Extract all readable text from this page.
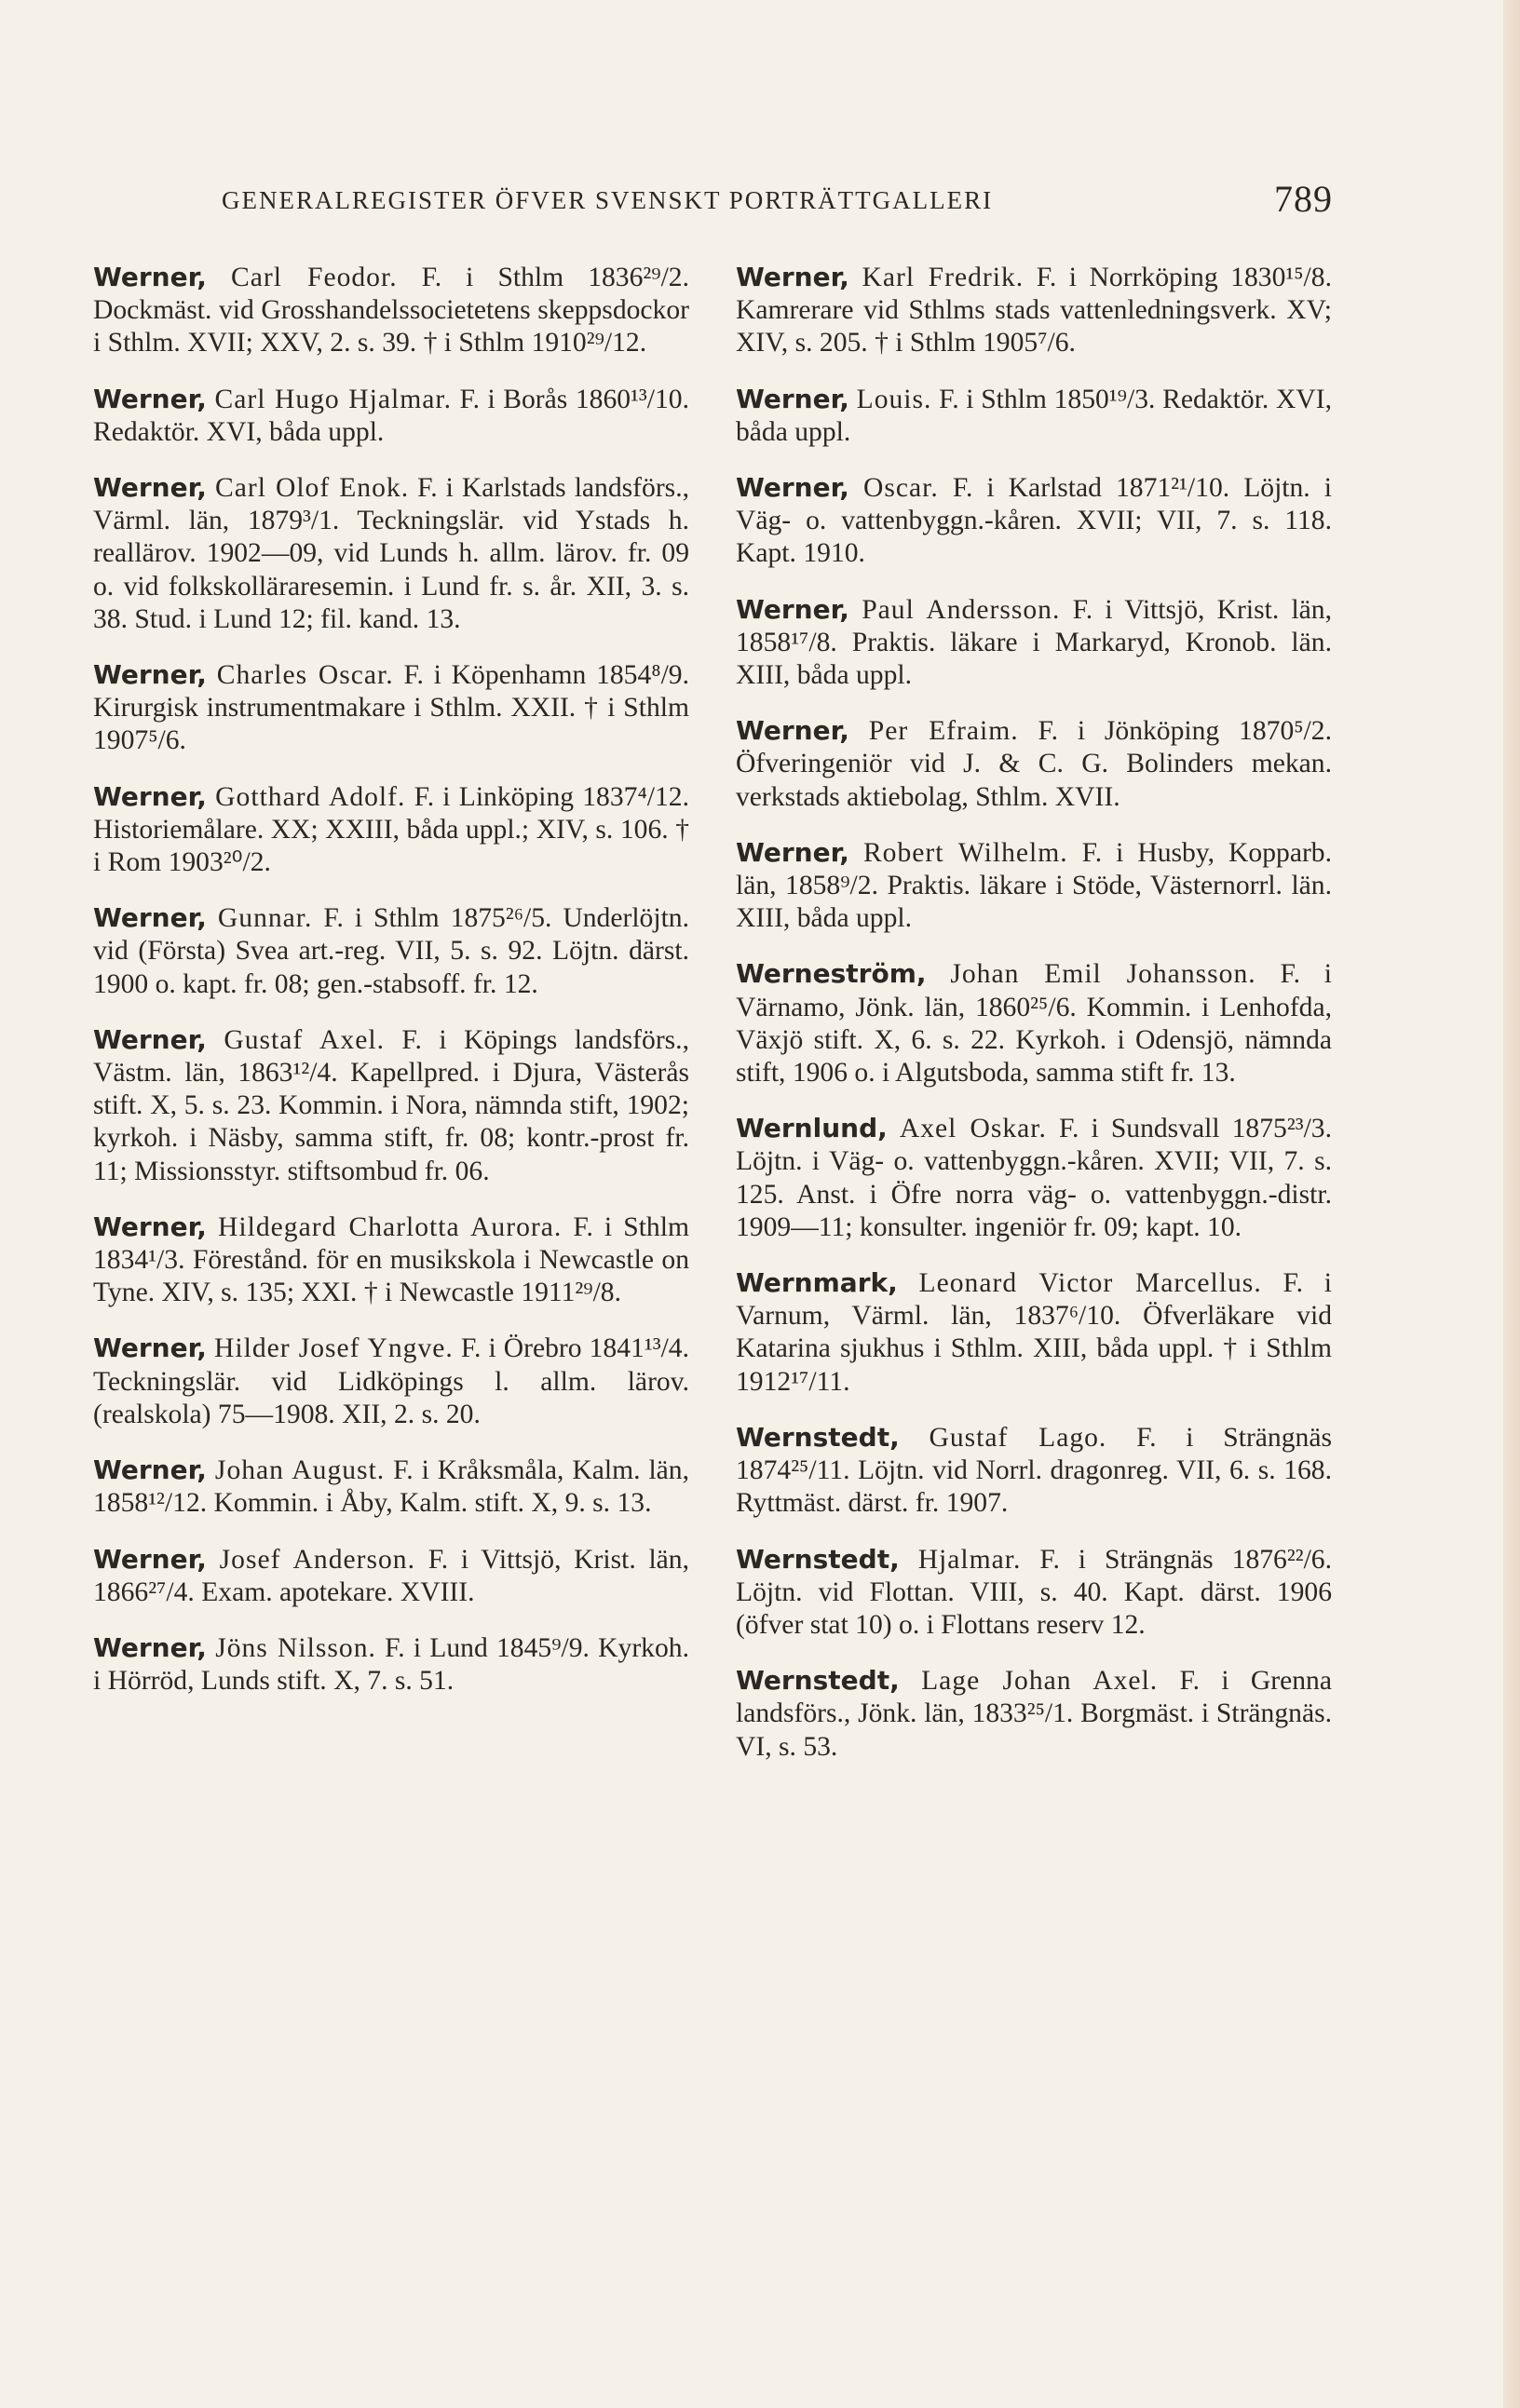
GENERALREGISTER ÖFVER SVENSKT PORTRÄTTGALLERI	789

Werner, Carl Feodor. F. i Sthlm 1836²⁹/2. Dockmäst. vid Grosshandelssocietetens skeppsdockor i Sthlm. XVII; XXV, 2. s. 39. † i Sthlm 1910²⁹/12.

Werner, Carl Hugo Hjalmar. F. i Borås 1860¹³/10. Redaktör. XVI, båda uppl.

Werner, Carl Olof Enok. F. i Karlstads landsförs., Värml. län, 1879³/1. Teckningslär. vid Ystads h. reallärov. 1902—09, vid Lunds h. allm. lärov. fr. 09 o. vid folkskolläraresemin. i Lund fr. s. år. XII, 3. s. 38. Stud. i Lund 12; fil. kand. 13.

Werner, Charles Oscar. F. i Köpenhamn 1854⁸/9. Kirurgisk instrumentmakare i Sthlm. XXII. † i Sthlm 1907⁵/6.

Werner, Gotthard Adolf. F. i Linköping 1837⁴/12. Historiemålare. XX; XXIII, båda uppl.; XIV, s. 106. † i Rom 1903²⁰/2.

Werner, Gunnar. F. i Sthlm 1875²⁶/5. Underlöjtn. vid (Första) Svea art.-reg. VII, 5. s. 92. Löjtn. därst. 1900 o. kapt. fr. 08; gen.-stabsoff. fr. 12.

Werner, Gustaf Axel. F. i Köpings landsförs., Västm. län, 1863¹²/4. Kapellpred. i Djura, Västerås stift. X, 5. s. 23. Kommin. i Nora, nämnda stift, 1902; kyrkoh. i Näsby, samma stift, fr. 08; kontr.-prost fr. 11; Missionsstyr. stiftsombud fr. 06.

Werner, Hildegard Charlotta Aurora. F. i Sthlm 1834¹/3. Förestånd. för en musikskola i Newcastle on Tyne. XIV, s. 135; XXI. † i Newcastle 1911²⁹/8.

Werner, Hilder Josef Yngve. F. i Örebro 1841¹³/4. Teckningslär. vid Lidköpings l. allm. lärov. (realskola) 75—1908. XII, 2. s. 20.

Werner, Johan August. F. i Kråksmåla, Kalm. län, 1858¹²/12. Kommin. i Åby, Kalm. stift. X, 9. s. 13.

Werner, Josef Anderson. F. i Vittsjö, Krist. län, 1866²⁷/4. Exam. apotekare. XVIII.

Werner, Jöns Nilsson. F. i Lund 1845⁹/9. Kyrkoh. i Hörröd, Lunds stift. X, 7. s. 51.

Werner, Karl Fredrik. F. i Norrköping 1830¹⁵/8. Kamrerare vid Sthlms stads vattenledningsverk. XV; XIV, s. 205. † i Sthlm 1905⁷/6.

Werner, Louis. F. i Sthlm 1850¹⁹/3. Redaktör. XVI, båda uppl.

Werner, Oscar. F. i Karlstad 1871²¹/10. Löjtn. i Väg- o. vattenbyggn.-kåren. XVII; VII, 7. s. 118. Kapt. 1910.

Werner, Paul Andersson. F. i Vittsjö, Krist. län, 1858¹⁷/8. Praktis. läkare i Markaryd, Kronob. län. XIII, båda uppl.

Werner, Per Efraim. F. i Jönköping 1870⁵/2. Öfveringeniör vid J. & C. G. Bolinders mekan. verkstads aktiebolag, Sthlm. XVII.

Werner, Robert Wilhelm. F. i Husby, Kopparb. län, 1858⁹/2. Praktis. läkare i Stöde, Västernorrl. län. XIII, båda uppl.

Werneström, Johan Emil Johansson. F. i Värnamo, Jönk. län, 1860²⁵/6. Kommin. i Lenhofda, Växjö stift. X, 6. s. 22. Kyrkoh. i Odensjö, nämnda stift, 1906 o. i Algutsboda, samma stift fr. 13.

Wernlund, Axel Oskar. F. i Sundsvall 1875²³/3. Löjtn. i Väg- o. vattenbyggn.-kåren. XVII; VII, 7. s. 125. Anst. i Öfre norra väg- o. vattenbyggn.-distr. 1909—11; konsulter. ingeniör fr. 09; kapt. 10.

Wernmark, Leonard Victor Marcellus. F. i Varnum, Värml. län, 1837⁶/10. Öfverläkare vid Katarina sjukhus i Sthlm. XIII, båda uppl. † i Sthlm 1912¹⁷/11.

Wernstedt, Gustaf Lago. F. i Strängnäs 1874²⁵/11. Löjtn. vid Norrl. dragonreg. VII, 6. s. 168. Ryttmäst. därst. fr. 1907.

Wernstedt, Hjalmar. F. i Strängnäs 1876²²/6. Löjtn. vid Flottan. VIII, s. 40. Kapt. därst. 1906 (öfver stat 10) o. i Flottans reserv 12.

Wernstedt, Lage Johan Axel. F. i Grenna landsförs., Jönk. län, 1833²⁵/1. Borgmäst. i Strängnäs. VI, s. 53.
